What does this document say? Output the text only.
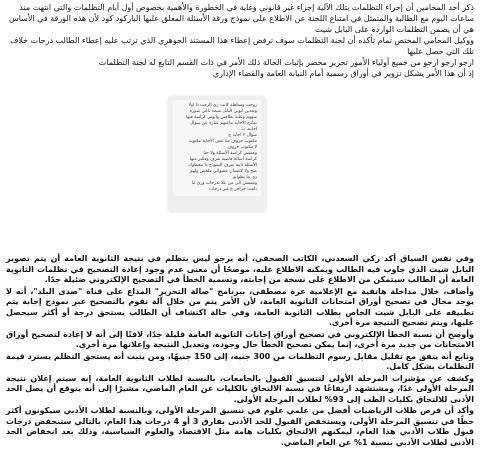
ذكر أحد المحامين أن إجراء التظلمات بتلك الآلية إجراء غير قانوني وغاية في الخطورة والأهمية بخصوص أول أيام التظلمات والتي انتهت منذ ساعات اليوم مع الطالبة والمتمثل في امتناع اللجنة عن الاطلاع على نموذج ورقة الأسئلة المعلق عليها الباركود كود لأن هذه الورقة في الأساس هي أن يضمن التظلمات الواردة على البابل شيت

ووكيل المحامي المختص تمام تأكده أن لجنة التظلمات سوف ترفض إعطاء هذا المستند الجوهري الذي ترتب عليه إعطاء الطالب درجات خلاف تلك التي حصل عليها

ارجو ارجو ارجو من جميع أولياء الأمور تحرير محضر بإثبات الحالة ذلك الأمر في ذات القسم التابع له لجنة التظلمات

إذ أن هذا الأمر يشكل تزوير في أوراق رسمية أمام النيابة العامة والقضاء الإداري

روحت ومعاهلة كانت زي الزفت دا اولا

وبعدين انوبي البابل شيت تاعي صوره

سهوم وعلية بطاقتي وابوتي كراسة فيها

نماذج الاجابه بتاعتهم عبارة عن سؤال

اجابته ب

سؤال ٣ اجابه ج

مكتوب حروف منا عش الاجابة مكتوبه

لا مكتوب حروف

ومفيش كراسة الأسئلة ولا حتا

كراسة اسألة فاضية تعرف وفكتر منها

الأسئلة ثانية تعرف النموذج دا محطوك

صح ولا لاعشان عشوائي ملخص ولهم

زي ما بطوابو

ومفقش الى من علا بدرجات وزي ما

ذلقت خراجر ع غير درجات

وفي نفس السياق أكد زكي السعدني، الكاتب الصحفي، أنه يرجو ليس بتظلم في نتيجة الثانوية العامة أن يتم تصوير البابل شيت الذي جاوب فيه الطالب ويمكنه الاطلاع عليه، موضحًا أن معنى عدم وجود إعادة التصحيح في تظلمات الثانوية العامة أن الطالب سيتمكن من الاطلاع على نسخة من إجابته، وتسمية الخطأ في التصحيح الإلكتروني ضئيلة جدًا.

وأضاف، خلال مداخلة هاتفية مع الإعلامية عزة مصطفى، ببرنامج "صالة التحرير" المذاع على قناة "صدى البلد"، أنه لا يوجد مجال في تصحيح أوراق امتحانات الثانوية العامة، لأن الأمر يتم من خلال آلة تقوم بالتصحيح عبر نموذج إجابة يتم تطبيقه على البابل شيت الخاص بطلاب الثانوية العامة، وفي حالة اكتشاف أن الطالب يستحق درجة أو أكثر سيحصل عليها، ويتم تصحيح النتيجة مرة أخرى.

وأوضح أن نسبة الخطأ الإلكتروني في تصحيح أوراق إجابات الثانوية العامة قليلة جدًا، لافتًا إلى أنه لا إعادة لتصحيح أوراق الامتحانات من جديد مرة أخرى، إنما يمكن تصحيح الخطأ حال وجوده، وتعديل النتيجة وإعلانها مرة أخرى.

وتابع أنه يتفق مع تقليل مقابل رسوم التظلمات من 300 جنيه، إلى 150 جنيهًا، ومن يثبت أنه يستحق التظلم يسترد قيمة التظلمات بشكل كامل.

وكشف عن مؤشرات المرحلة الأولى لتنسيق القبول بالجامعات، بالنسبة لطلاب الثانوية العامة، إنه سيتم إعلان نتيجة المرحلة الأولى غدًا، ومشتشهد ارتفاعًا في نسبة الالتحاق بالكليات عن العام الماضي، مشيرًا إلى أنه يتوقع أن يصل الحد الأدنى للالتحاق بكليات الطب إلى 93% لطلاب المرحلة الأولى.

وأكد أن فرص طلاب الرياضيات أفضل من علمي علوم في تنسيق المرحلة الأولى، وبالنسبة لطلاب الأدبي سيكونون أكثر حظًا في تنسيق المرحلة الأولى، ويستخفض القبول للحد الأدنى بفارق 3 أو 4 درجات هذا العام، بالتالي ستنخفض درجات قبول طلاب الأدبي هذا العام، ليمكنهم الالتحاق بكليات هامة مثل الاقتصاد والعلوم السياسية، وذلك بعد انخفاض الحد الأدنى لطلاب الأدبي بنسبة 1% عن العام الماضي.
